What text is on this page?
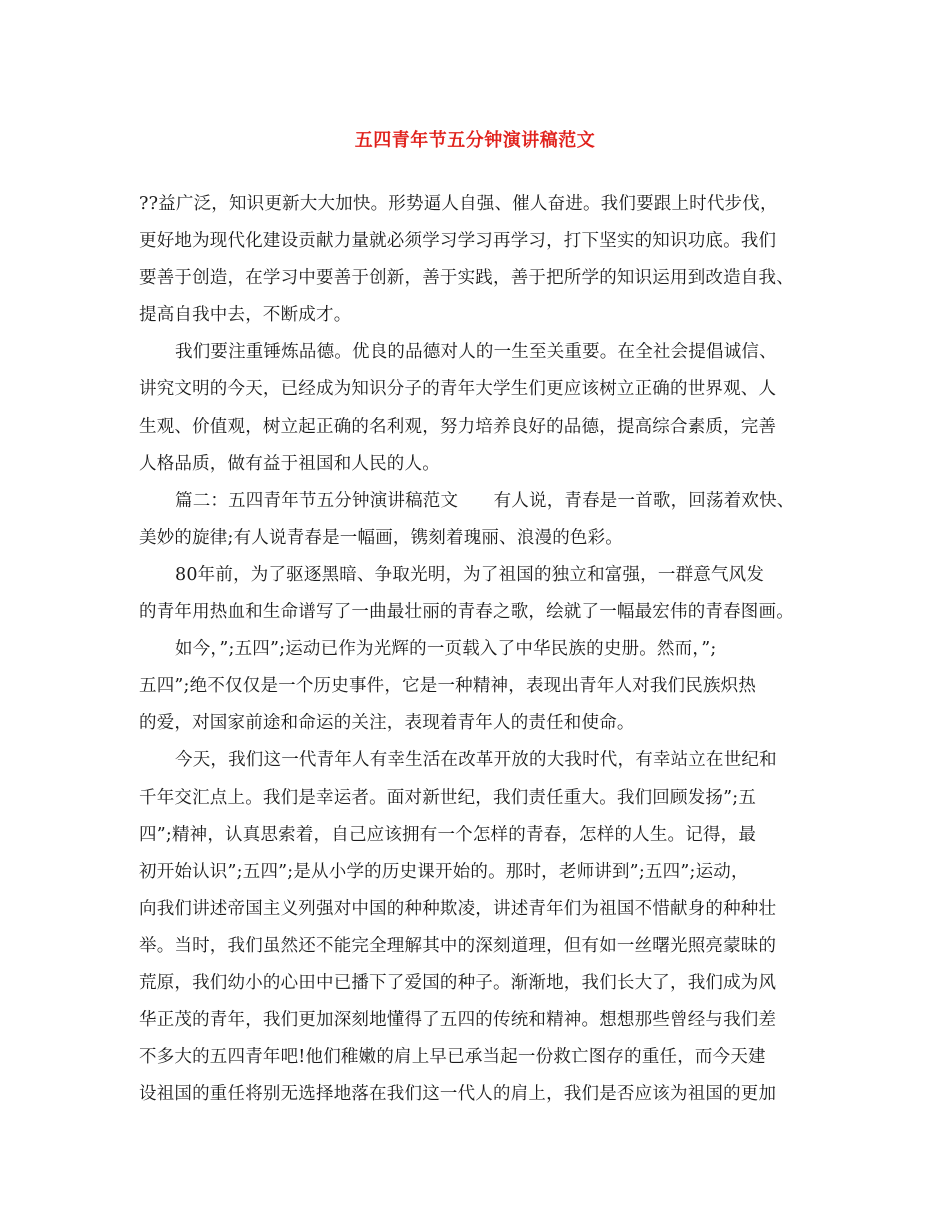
五四青年节五分钟演讲稿范文
??益广泛，知识更新大大加快。形势逼人自强、催人奋进。我们要跟上时代步伐，
更好地为现代化建设贡献力量就必须学习学习再学习，打下坚实的知识功底。我们
要善于创造，在学习中要善于创新，善于实践，善于把所学的知识运用到改造自我、
提高自我中去，不断成才。
我们要注重锤炼品德。优良的品德对人的一生至关重要。在全社会提倡诚信、
讲究文明的今天，已经成为知识分子的青年大学生们更应该树立正确的世界观、人
生观、价值观，树立起正确的名利观，努力培养良好的品德，提高综合素质，完善
人格品质，做有益于祖国和人民的人。
篇二：五四青年节五分钟演讲稿范文　　有人说，青春是一首歌，回荡着欢快、
美妙的旋律;有人说青春是一幅画，镌刻着瑰丽、浪漫的色彩。
80年前，为了驱逐黑暗、争取光明，为了祖国的独立和富强，一群意气风发
的青年用热血和生命谱写了一曲最壮丽的青春之歌，绘就了一幅最宏伟的青春图画。
如今，”;五四”;运动已作为光辉的一页载入了中华民族的史册。然而，”;
五四”;绝不仅仅是一个历史事件，它是一种精神，表现出青年人对我们民族炽热
的爱，对国家前途和命运的关注，表现着青年人的责任和使命。
今天，我们这一代青年人有幸生活在改革开放的大我时代，有幸站立在世纪和
千年交汇点上。我们是幸运者。面对新世纪，我们责任重大。我们回顾发扬”;五
四”;精神，认真思索着，自己应该拥有一个怎样的青春，怎样的人生。记得，最
初开始认识”;五四”;是从小学的历史课开始的。那时，老师讲到”;五四”;运动，
向我们讲述帝国主义列强对中国的种种欺凌，讲述青年们为祖国不惜献身的种种壮
举。当时，我们虽然还不能完全理解其中的深刻道理，但有如一丝曙光照亮蒙昧的
荒原，我们幼小的心田中已播下了爱国的种子。渐渐地，我们长大了，我们成为风
华正茂的青年，我们更加深刻地懂得了五四的传统和精神。想想那些曾经与我们差
不多大的五四青年吧!他们稚嫩的肩上早已承当起一份救亡图存的重任，而今天建
设祖国的重任将别无选择地落在我们这一代人的肩上，我们是否应该为祖国的更加
